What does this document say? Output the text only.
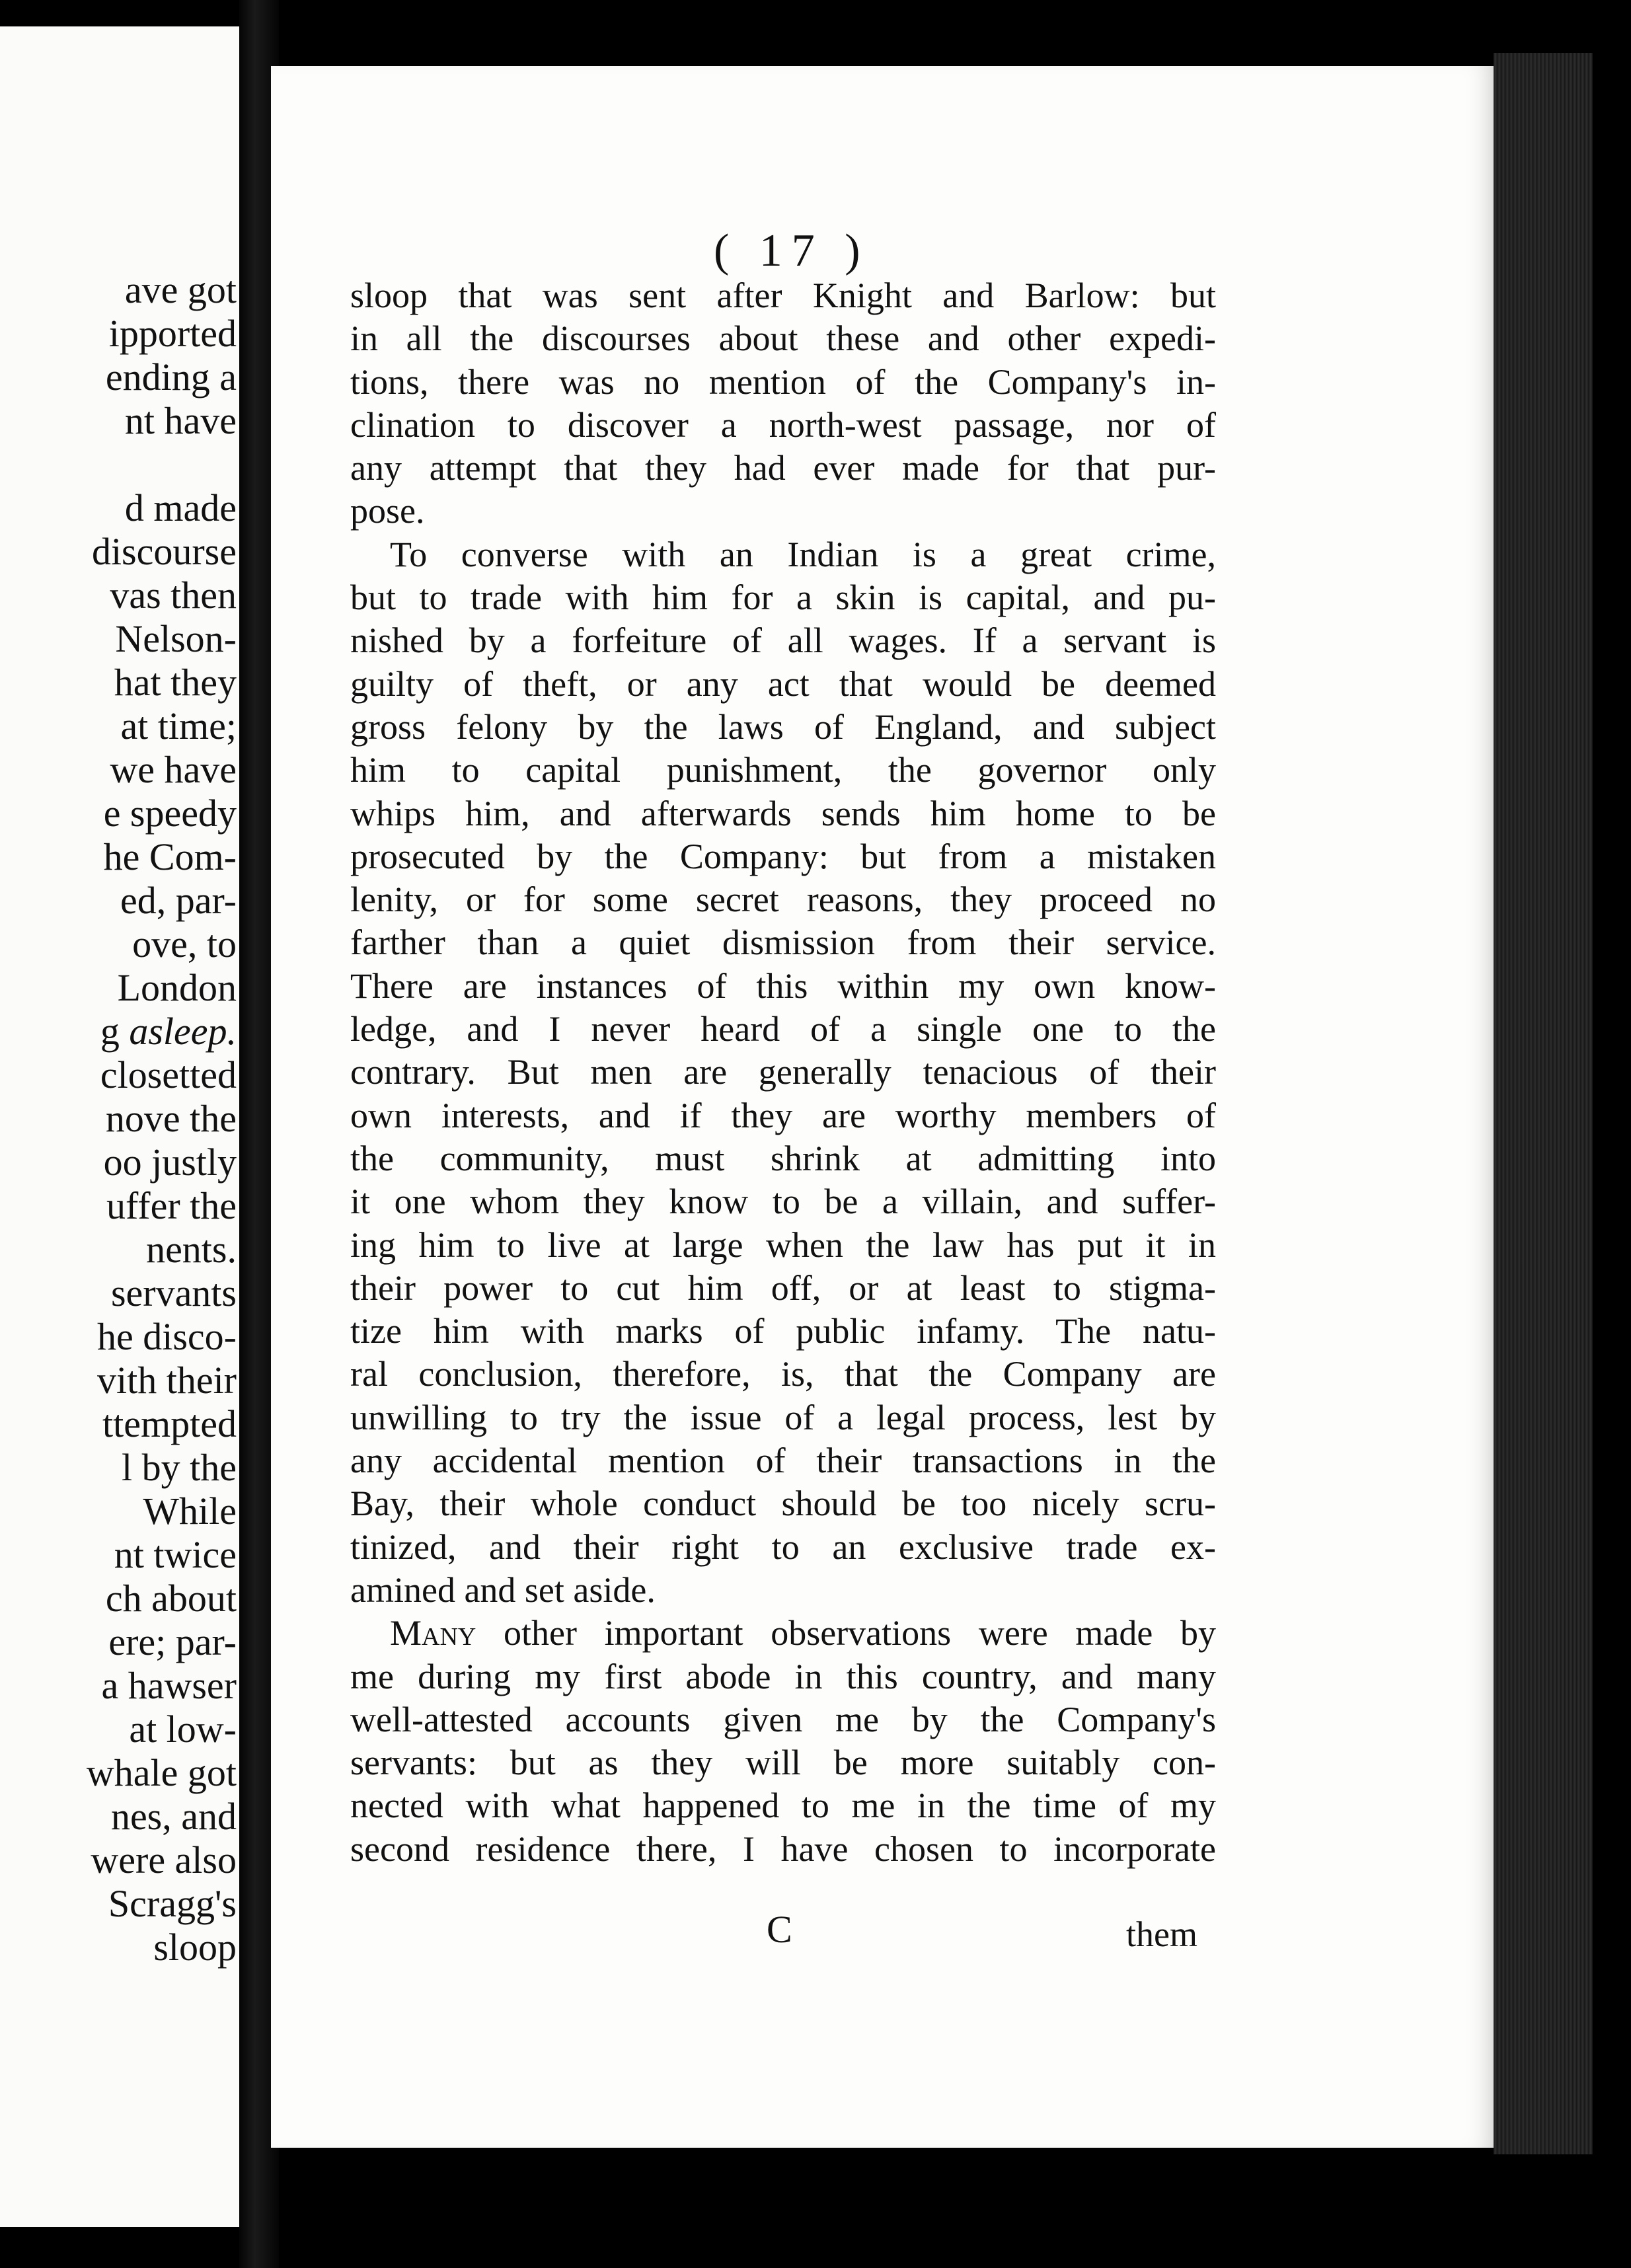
ave got
ipported
ending a
nt have
d made
discourse
vas then
Nelson-
hat they
at time;
we have
e speedy
he Com-
ed, par-
ove, to
London
g asleep.
closetted
nove the
oo justly
uffer the
nents.
servants
he disco-
vith their
ttempted
l by the
While
nt twice
ch about
ere; par-
a hawser
at low-
whale got
nes, and
were also
Scragg's
sloop
( 17 )
sloop that was sent after Knight and Barlow: but
in all the discourses about these and other expedi-
tions, there was no mention of the Company's in-
clination to discover a north-west passage, nor of
any attempt that they had ever made for that pur-
pose.
To converse with an Indian is a great crime,
but to trade with him for a skin is capital, and pu-
nished by a forfeiture of all wages. If a servant is
guilty of theft, or any act that would be deemed
gross felony by the laws of England, and subject
him to capital punishment, the governor only
whips him, and afterwards sends him home to be
prosecuted by the Company: but from a mistaken
lenity, or for some secret reasons, they proceed no
farther than a quiet dismission from their service.
There are instances of this within my own know-
ledge, and I never heard of a single one to the
contrary. But men are generally tenacious of their
own interests, and if they are worthy members of
the community, must shrink at admitting into
it one whom they know to be a villain, and suffer-
ing him to live at large when the law has put it in
their power to cut him off, or at least to stigma-
tize him with marks of public infamy. The natu-
ral conclusion, therefore, is, that the Company are
unwilling to try the issue of a legal process, lest by
any accidental mention of their transactions in the
Bay, their whole conduct should be too nicely scru-
tinized, and their right to an exclusive trade ex-
amined and set aside.
Many other important observations were made by
me during my first abode in this country, and many
well-attested accounts given me by the Company's
servants: but as they will be more suitably con-
nected with what happened to me in the time of my
second residence there, I have chosen to incorporate
C	them
